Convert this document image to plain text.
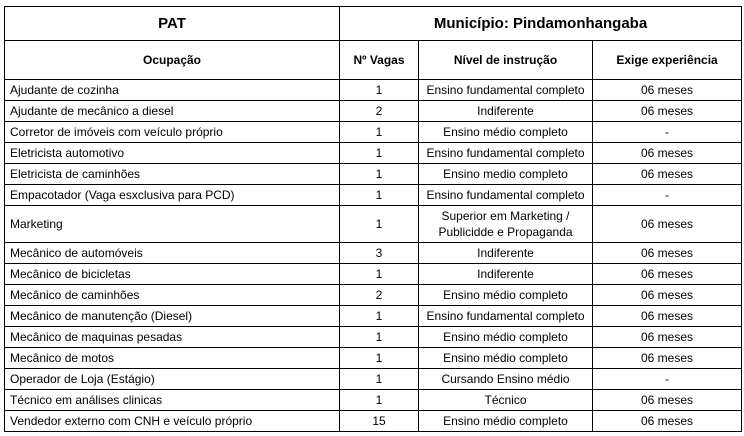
PAT	Município: Pindamonhangaba		
Ocupação	Nº Vagas	Nível de instrução	Exige experiência
Ajudante de cozinha	1	Ensino fundamental completo	06 meses
Ajudante de mecânico a diesel	2	Indiferente	06 meses
Corretor de imóveis com veículo próprio	1	Ensino médio completo	-
Eletricista automotivo	1	Ensino fundamental completo	06 meses
Eletricista de caminhões	1	Ensino medio completo	06 meses
Empacotador (Vaga esxclusiva para PCD)	1	Ensino fundamental completo	-
Marketing	1	Superior em Marketing / Publicidde e Propaganda	06 meses
Mecânico de automóveis	3	Indiferente	06 meses
Mecânico de bicicletas	1	Indiferente	06 meses
Mecânico de caminhões	2	Ensino médio completo	06 meses
Mecânico de manutenção (Diesel)	1	Ensino fundamental completo	06 meses
Mecânico de maquinas pesadas	1	Ensino médio completo	06 meses
Mecânico de motos	1	Ensino médio completo	06 meses
Operador de Loja (Estágio)	1	Cursando Ensino médio	-
Técnico em análises clinicas	1	Técnico	06 meses
Vendedor externo com CNH e veículo próprio	15	Ensino médio completo	06 meses
